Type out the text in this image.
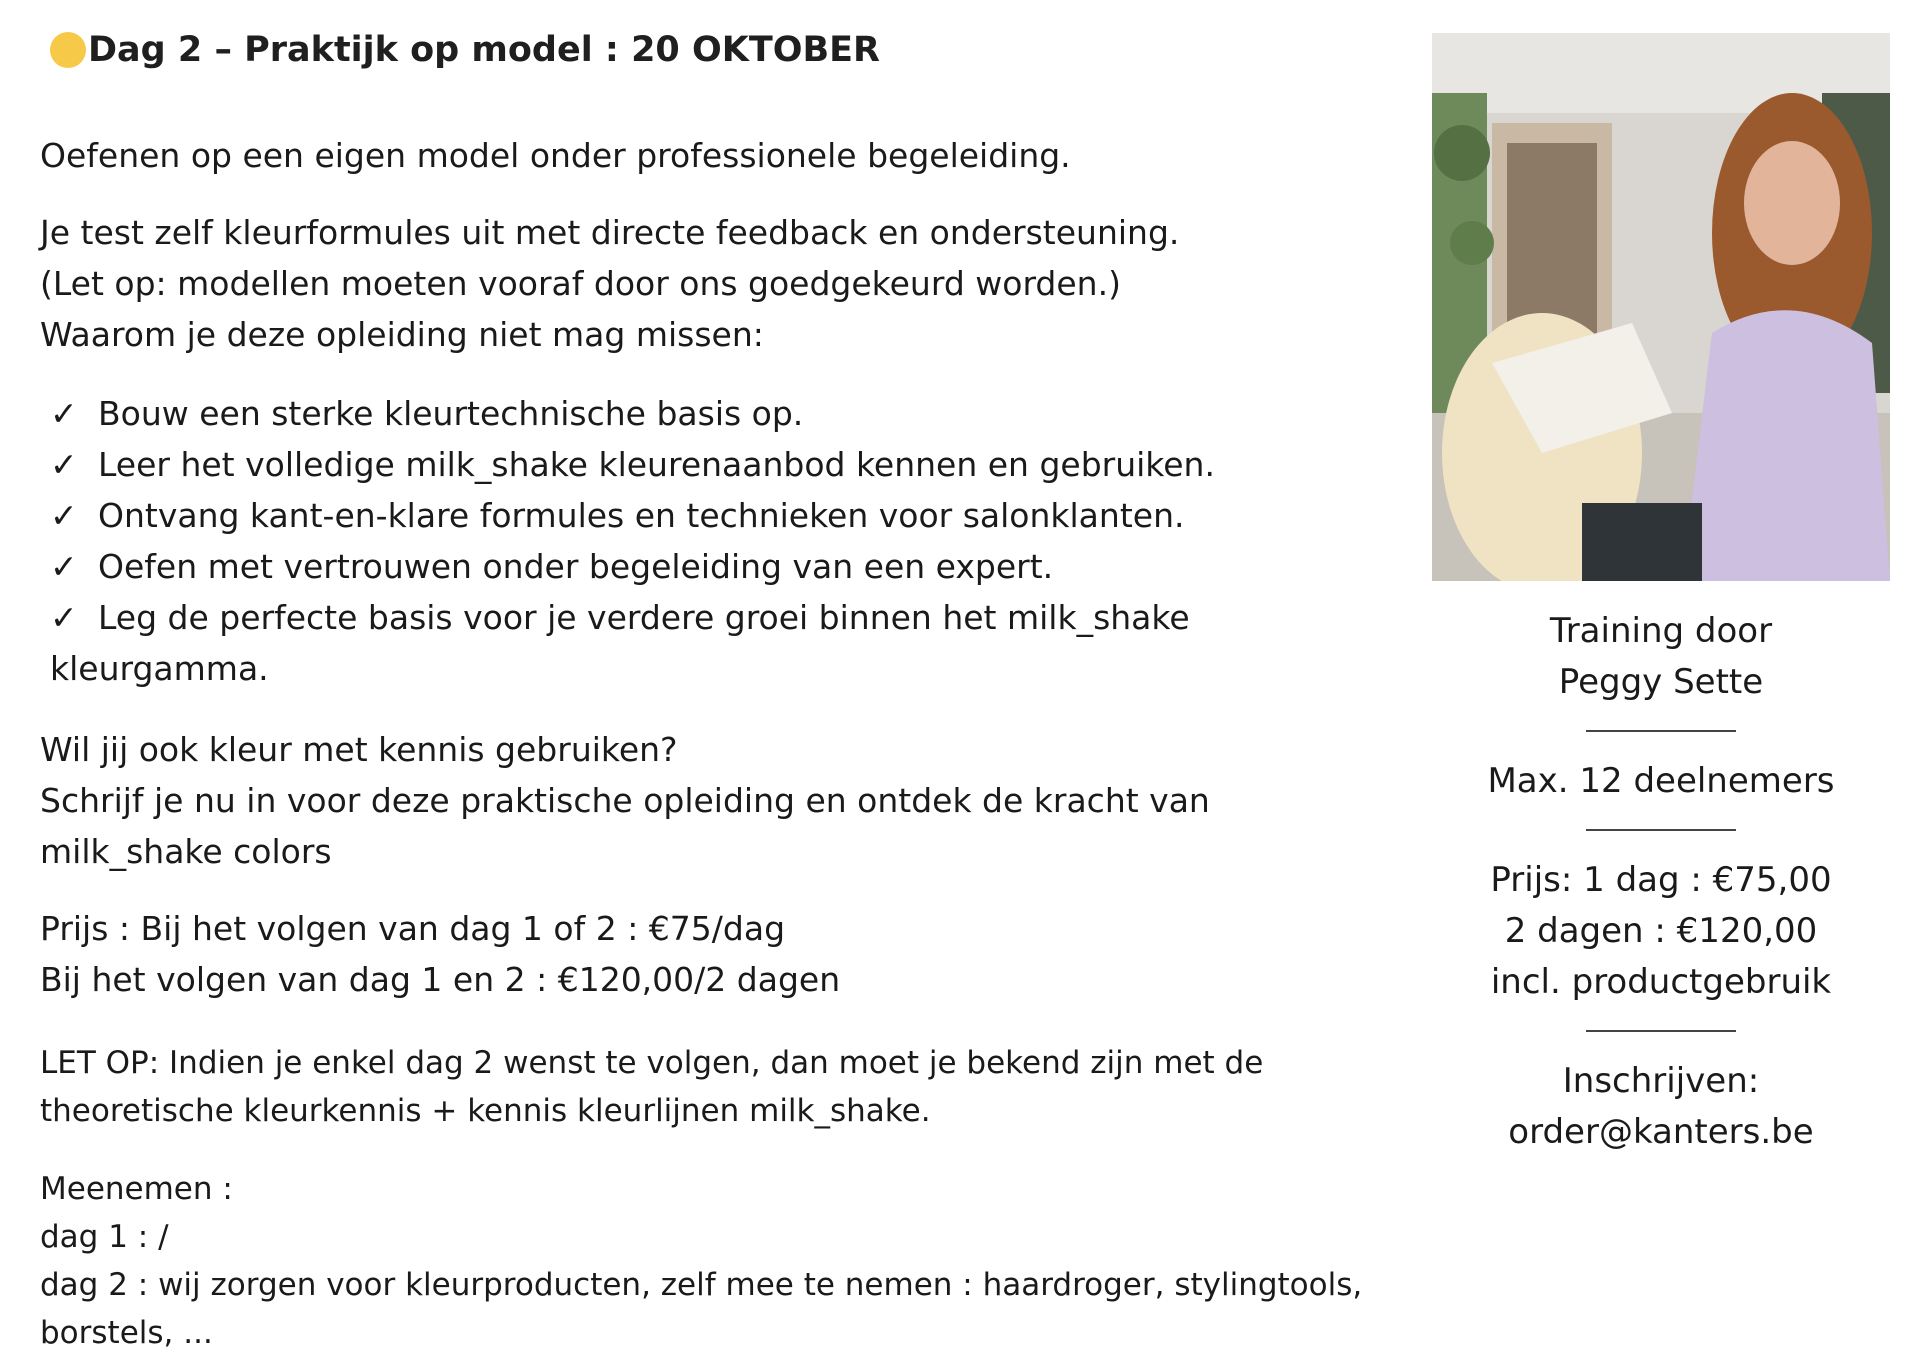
Dag 2 – Praktijk op model : 20 OKTOBER

Oefenen op een eigen model onder professionele begeleiding.

Je test zelf kleurformules uit met directe feedback en ondersteuning.

(Let op: modellen moeten vooraf door ons goedgekeurd worden.)

Waarom je deze opleiding niet mag missen:

✓ Bouw een sterke kleurtechnische basis op.
✓ Leer het volledige milk_shake kleurenaanbod kennen en gebruiken.
✓ Ontvang kant-en-klare formules en technieken voor salonklanten.
✓ Oefen met vertrouwen onder begeleiding van een expert.
✓ Leg de perfecte basis voor je verdere groei binnen het milk_shake kleurgamma.

Wil jij ook kleur met kennis gebruiken?

Schrijf je nu in voor deze praktische opleiding en ontdek de kracht van milk_shake colors

Prijs : Bij het volgen van dag 1 of 2 : €75/dag

Bij het volgen van dag 1 en 2 : €120,00/2 dagen

LET OP: Indien je enkel dag 2 wenst te volgen, dan moet je bekend zijn met de theoretische kleurkennis + kennis kleurlijnen milk_shake.

Meenemen :

dag 1 : /

dag 2 : wij zorgen voor kleurproducten, zelf mee te nemen : haardroger, stylingtools, borstels, ...

Training door

Peggy Sette

Max. 12 deelnemers

Prijs: 1 dag : €75,00

2 dagen : €120,00

incl. productgebruik

Inschrijven:

order@kanters.be
